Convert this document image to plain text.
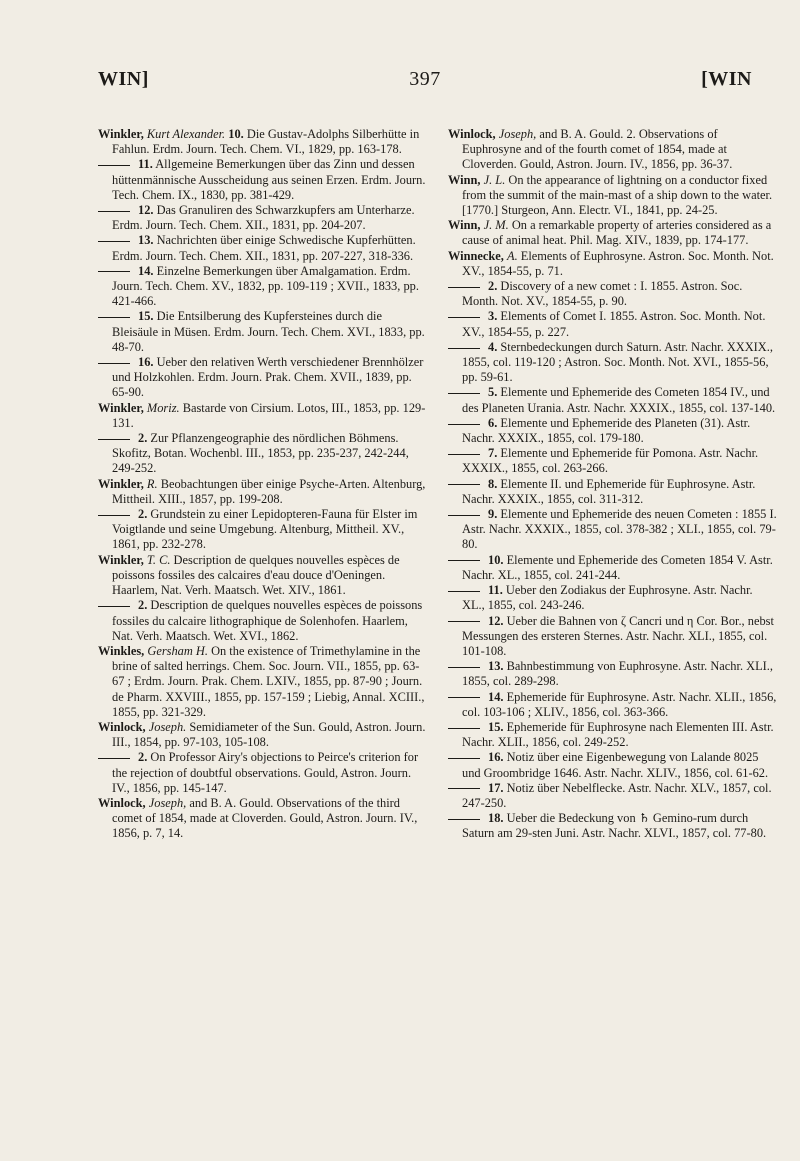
397
WIN]	[WIN

Winkler, Kurt Alexander. 10. Die Gustav-Adolphs Silberhütte in Fahlun. Erdm. Journ. Tech. Chem. VI., 1829, pp. 163-178.

11. Allgemeine Bemerkungen über das Zinn und dessen hüttenmännische Ausscheidung aus seinen Erzen. Erdm. Journ. Tech. Chem. IX., 1830, pp. 381-429.

12. Das Granuliren des Schwarzkupfers am Unterharze. Erdm. Journ. Tech. Chem. XII., 1831, pp. 204-207.

13. Nachrichten über einige Schwedische Kupferhütten. Erdm. Journ. Tech. Chem. XII., 1831, pp. 207-227, 318-336.

14. Einzelne Bemerkungen über Amalgamation. Erdm. Journ. Tech. Chem. XV., 1832, pp. 109-119 ; XVII., 1833, pp. 421-466.

15. Die Entsilberung des Kupfersteines durch die Bleisäule in Müsen. Erdm. Journ. Tech. Chem. XVI., 1833, pp. 48-70.

16. Ueber den relativen Werth verschiedener Brennhölzer und Holzkohlen. Erdm. Journ. Prak. Chem. XVII., 1839, pp. 65-90.

Winkler, Moriz. Bastarde von Cirsium. Lotos, III., 1853, pp. 129-131.

2. Zur Pflanzengeographie des nördlichen Böhmens. Skofitz, Botan. Wochenbl. III., 1853, pp. 235-237, 242-244, 249-252.

Winkler, R. Beobachtungen über einige Psyche-Arten. Altenburg, Mittheil. XIII., 1857, pp. 199-208.

2. Grundstein zu einer Lepidopteren-Fauna für Elster im Voigtlande und seine Umgebung. Altenburg, Mittheil. XV., 1861, pp. 232-278.

Winkler, T. C. Description de quelques nouvelles espèces de poissons fossiles des calcaires d'eau douce d'Oeningen. Haarlem, Nat. Verh. Maatsch. Wet. XIV., 1861.

2. Description de quelques nouvelles espèces de poissons fossiles du calcaire lithographique de Solenhofen. Haarlem, Nat. Verh. Maatsch. Wet. XVI., 1862.

Winkles, Gersham H. On the existence of Trimethylamine in the brine of salted herrings. Chem. Soc. Journ. VII., 1855, pp. 63-67 ; Erdm. Journ. Prak. Chem. LXIV., 1855, pp. 87-90 ; Journ. de Pharm. XXVIII., 1855, pp. 157-159 ; Liebig, Annal. XCIII., 1855, pp. 321-329.

Winlock, Joseph. Semidiameter of the Sun. Gould, Astron. Journ. III., 1854, pp. 97-103, 105-108.

2. On Professor Airy's objections to Peirce's criterion for the rejection of doubtful observations. Gould, Astron. Journ. IV., 1856, pp. 145-147.

Winlock, Joseph, and B. A. Gould. Observations of the third comet of 1854, made at Cloverden. Gould, Astron. Journ. IV., 1856, p. 7, 14.

Winlock, Joseph, and B. A. Gould. 2. Observations of Euphrosyne and of the fourth comet of 1854, made at Cloverden. Gould, Astron. Journ. IV., 1856, pp. 36-37.

Winn, J. L. On the appearance of lightning on a conductor fixed from the summit of the main-mast of a ship down to the water. [1770.] Sturgeon, Ann. Electr. VI., 1841, pp. 24-25.

Winn, J. M. On a remarkable property of arteries considered as a cause of animal heat. Phil. Mag. XIV., 1839, pp. 174-177.

Winnecke, A. Elements of Euphrosyne. Astron. Soc. Month. Not. XV., 1854-55, p. 71.

2. Discovery of a new comet : I. 1855. Astron. Soc. Month. Not. XV., 1854-55, p. 90.

3. Elements of Comet I. 1855. Astron. Soc. Month. Not. XV., 1854-55, p. 227.

4. Sternbedeckungen durch Saturn. Astr. Nachr. XXXIX., 1855, col. 119-120 ; Astron. Soc. Month. Not. XVI., 1855-56, pp. 59-61.

5. Elemente und Ephemeride des Cometen 1854 IV., und des Planeten Urania. Astr. Nachr. XXXIX., 1855, col. 137-140.

6. Elemente und Ephemeride des Planeten (31). Astr. Nachr. XXXIX., 1855, col. 179-180.

7. Elemente und Ephemeride für Pomona. Astr. Nachr. XXXIX., 1855, col. 263-266.

8. Elemente II. und Ephemeride für Euphrosyne. Astr. Nachr. XXXIX., 1855, col. 311-312.

9. Elemente und Ephemeride des neuen Cometen : 1855 I. Astr. Nachr. XXXIX., 1855, col. 378-382 ; XLI., 1855, col. 79-80.

10. Elemente und Ephemeride des Cometen 1854 V. Astr. Nachr. XL., 1855, col. 241-244.

11. Ueber den Zodiakus der Euphrosyne. Astr. Nachr. XL., 1855, col. 243-246.

12. Ueber die Bahnen von ζ Cancri und η Cor. Bor., nebst Messungen des ersteren Sternes. Astr. Nachr. XLI., 1855, col. 101-108.

13. Bahnbestimmung von Euphrosyne. Astr. Nachr. XLI., 1855, col. 289-298.

14. Ephemeride für Euphrosyne. Astr. Nachr. XLII., 1856, col. 103-106 ; XLIV., 1856, col. 363-366.

15. Ephemeride für Euphrosyne nach Elementen III. Astr. Nachr. XLII., 1856, col. 249-252.

16. Notiz über eine Eigenbewegung von Lalande 8025 und Groombridge 1646. Astr. Nachr. XLIV., 1856, col. 61-62.

17. Notiz über Nebelflecke. Astr. Nachr. XLV., 1857, col. 247-250.

18. Ueber die Bedeckung von ♄ Gemino-rum durch Saturn am 29-sten Juni. Astr. Nachr. XLVI., 1857, col. 77-80.
